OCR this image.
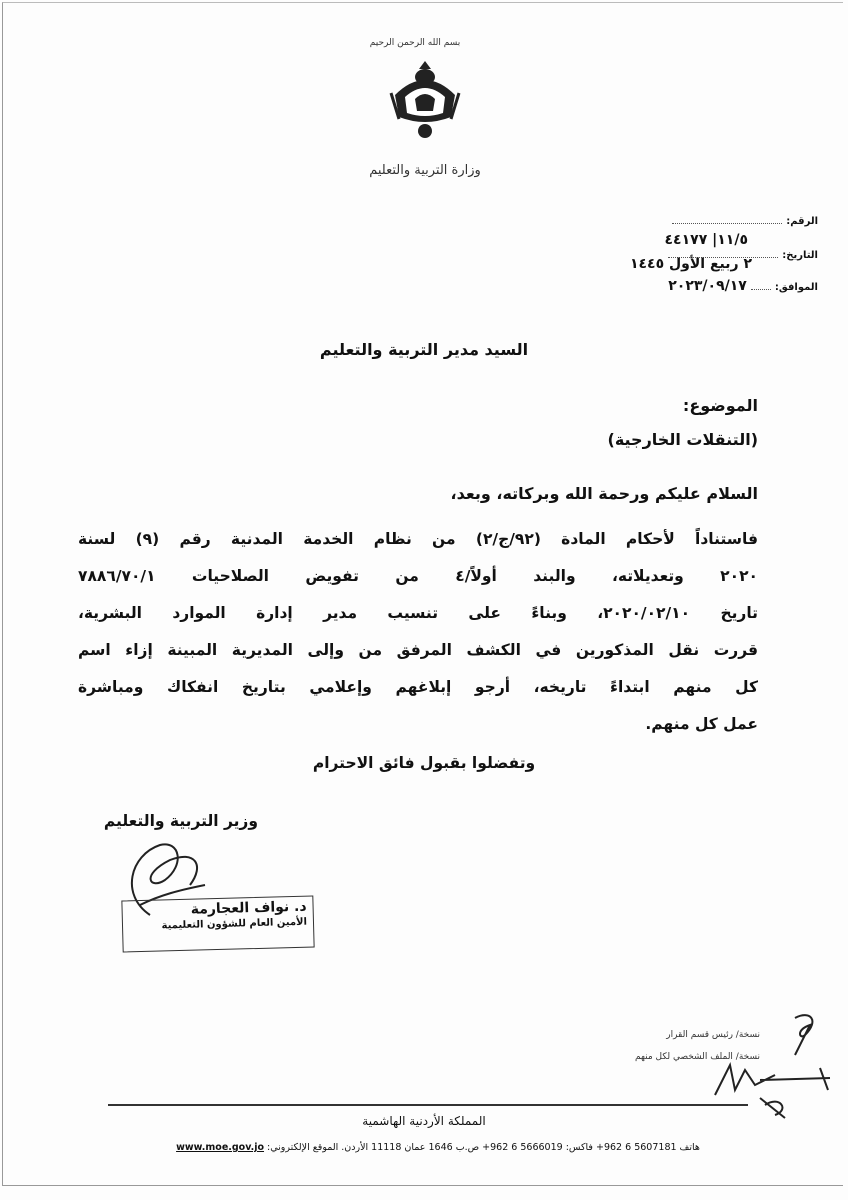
بسم الله الرحمن الرحيم
وزارة التربية والتعليم
الرقم:
١١/٥| ٤٤١٧٧
التاريخ:
٢ ربيع الأول ١٤٤٥
الموافق:٢٠٢٣/٠٩/١٧
السيد مدير التربية والتعليم
الموضوع:
(التنقلات الخارجية)
السلام عليكم ورحمة الله وبركاته، وبعد،
فاستناداً لأحكام المادة (٩٢/ج/٢) من نظام الخدمة المدنية رقم (٩) لسنة
٢٠٢٠ وتعديلاته، والبند أولاً/٤ من تفويض الصلاحيات ٧٨٨٦/٧٠/١
تاريخ ٢٠٢٠/٠٢/١٠، وبناءً على تنسيب مدير إدارة الموارد البشرية،
قررت نقل المذكورين في الكشف المرفق من وإلى المديرية المبينة إزاء اسم
كل منهم ابتداءً تاريخه، أرجو إبلاغهم وإعلامي بتاريخ انفكاك ومباشرة
عمل كل منهم.
وتفضلوا بقبول فائق الاحترام
وزير التربية والتعليم
د. نواف العجارمة
الأمين العام للشؤون التعليمية
نسخة/ رئيس قسم القرار
نسخة/ الملف الشخصي لكل منهم
المملكة الأردنية الهاشمية
هاتف 5607181 6 962+ فاكس: 5666019 6 962+ ص.ب 1646 عمان 11118 الأردن. الموقع الإلكتروني: www.moe.gov.jo
